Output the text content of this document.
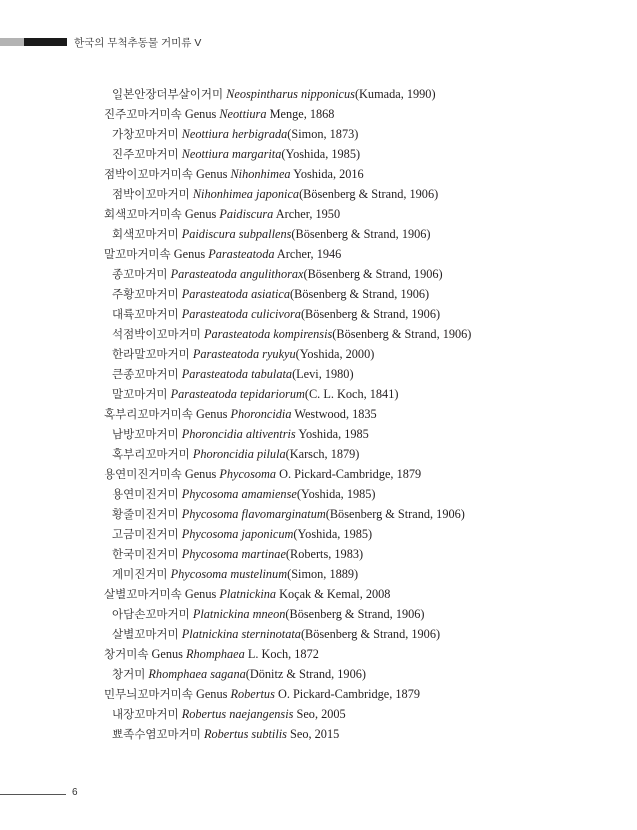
한국의 무척추동물 거미류 V
일본안장더부살이거미 Neospintharus nipponicus(Kumada, 1990)
진주꼬마거미속 Genus Neottiura Menge, 1868
가창꼬마거미 Neottiura herbigrada(Simon, 1873)
진주꼬마거미 Neottiura margarita(Yoshida, 1985)
점박이꼬마거미속 Genus Nihonhimea Yoshida, 2016
점박이꼬마거미 Nihonhimea japonica(Bösenberg & Strand, 1906)
회색꼬마거미속 Genus Paidiscura Archer, 1950
회색꼬마거미 Paidiscura subpallens(Bösenberg & Strand, 1906)
말꼬마거미속 Genus Parasteatoda Archer, 1946
종꼬마거미 Parasteatoda angulithorax(Bösenberg & Strand, 1906)
주황꼬마거미 Parasteatoda asiatica(Bösenberg & Strand, 1906)
대륙꼬마거미 Parasteatoda culicivora(Bösenberg & Strand, 1906)
석점박이꼬마거미 Parasteatoda kompirensis(Bösenberg & Strand, 1906)
한라말꼬마거미 Parasteatoda ryukyu(Yoshida, 2000)
큰종꼬마거미 Parasteatoda tabulata(Levi, 1980)
말꼬마거미 Parasteatoda tepidariorum(C. L. Koch, 1841)
혹부리꼬마거미속 Genus Phoroncidia Westwood, 1835
남방꼬마거미 Phoroncidia altiventris Yoshida, 1985
혹부리꼬마거미 Phoroncidia pilula(Karsch, 1879)
용연미진거미속 Genus Phycosoma O. Pickard-Cambridge, 1879
용연미진거미 Phycosoma amamiense(Yoshida, 1985)
황줄미진거미 Phycosoma flavomarginatum(Bösenberg & Strand, 1906)
고금미진거미 Phycosoma japonicum(Yoshida, 1985)
한국미진거미 Phycosoma martinae(Roberts, 1983)
게미진거미 Phycosoma mustelinum(Simon, 1889)
살별꼬마거미속 Genus Platnickina Koçak & Kemal, 2008
아담손꼬마거미 Platnickina mneon(Bösenberg & Strand, 1906)
살별꼬마거미 Platnickina sterninotata(Bösenberg & Strand, 1906)
창거미속 Genus Rhomphaea L. Koch, 1872
창거미 Rhomphaea sagana(Dönitz & Strand, 1906)
민무늬꼬마거미속 Genus Robertus O. Pickard-Cambridge, 1879
내장꼬마거미 Robertus naejangensis Seo, 2005
뾰족수염꼬마거미 Robertus subtilis Seo, 2015
6
